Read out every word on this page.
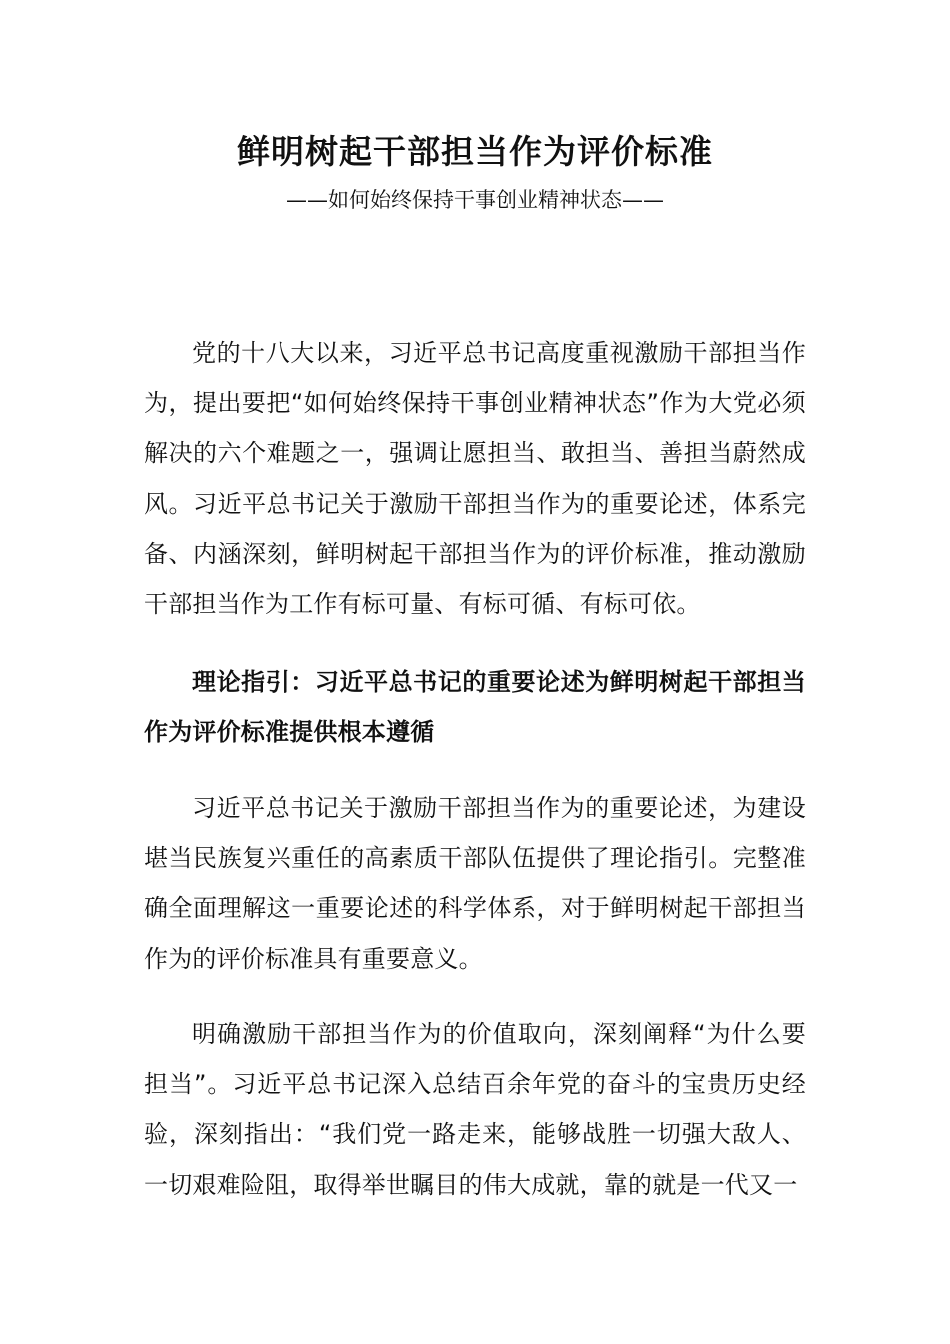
鲜明树起干部担当作为评价标准
——如何始终保持干事创业精神状态——

党的十八大以来，习近平总书记高度重视激励干部担当作为，提出要把“如何始终保持干事创业精神状态”作为大党必须解决的六个难题之一，强调让愿担当、敢担当、善担当蔚然成风。习近平总书记关于激励干部担当作为的重要论述，体系完备、内涵深刻，鲜明树起干部担当作为的评价标准，推动激励干部担当作为工作有标可量、有标可循、有标可依。

理论指引：习近平总书记的重要论述为鲜明树起干部担当作为评价标准提供根本遵循

习近平总书记关于激励干部担当作为的重要论述，为建设堪当民族复兴重任的高素质干部队伍提供了理论指引。完整准确全面理解这一重要论述的科学体系，对于鲜明树起干部担当作为的评价标准具有重要意义。

明确激励干部担当作为的价值取向，深刻阐释“为什么要担当”。习近平总书记深入总结百余年党的奋斗的宝贵历史经验，深刻指出：“我们党一路走来，能够战胜一切强大敌人、一切艰难险阻，取得举世瞩目的伟大成就，靠的就是一代又一
